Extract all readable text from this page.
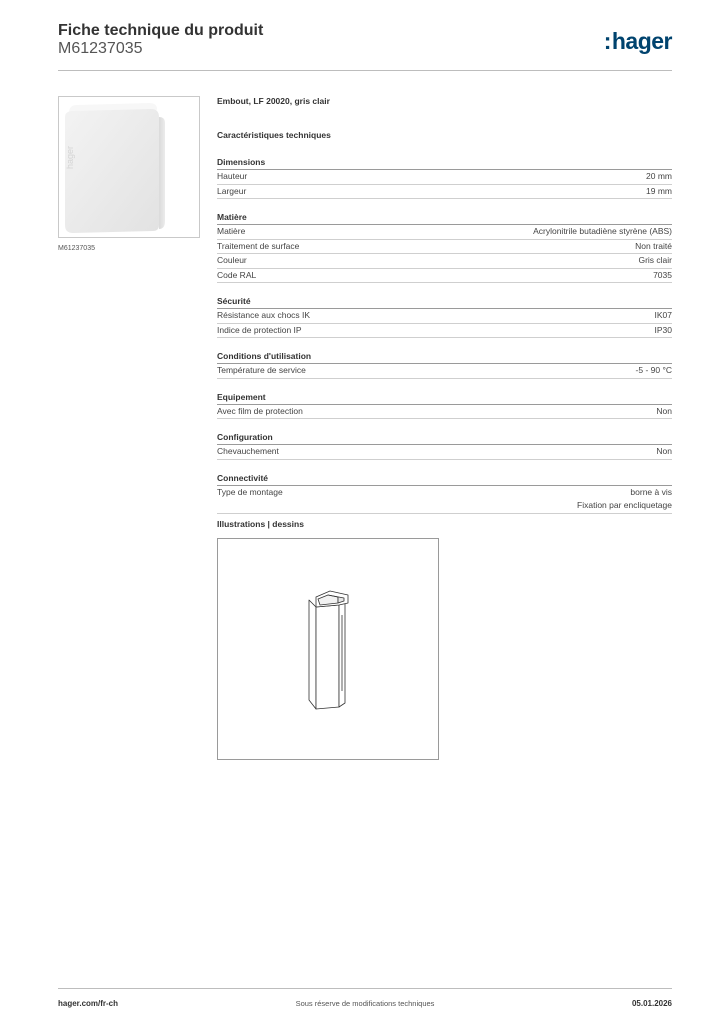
Fiche technique du produit
M61237035	:hager
hager
M61237035
Embout, LF 20020, gris clair
Caractéristiques techniques
Dimensions
Hauteur	20 mm
Largeur	19 mm
Matière
Matière	Acrylonitrile butadiène styrène (ABS)
Traitement de surface	Non traité
Couleur	Gris clair
Code RAL	7035
Sécurité
Résistance aux chocs IK	IK07
Indice de protection IP	IP30
Conditions d'utilisation
Température de service	-5 - 90 °C
Equipement
Avec film de protection	Non
Configuration
Chevauchement	Non
Connectivité
Type de montage	borne à vis
Fixation par encliquetage
Illustrations | dessins
hager.com/fr-ch	Sous réserve de modifications techniques	05.01.2026
